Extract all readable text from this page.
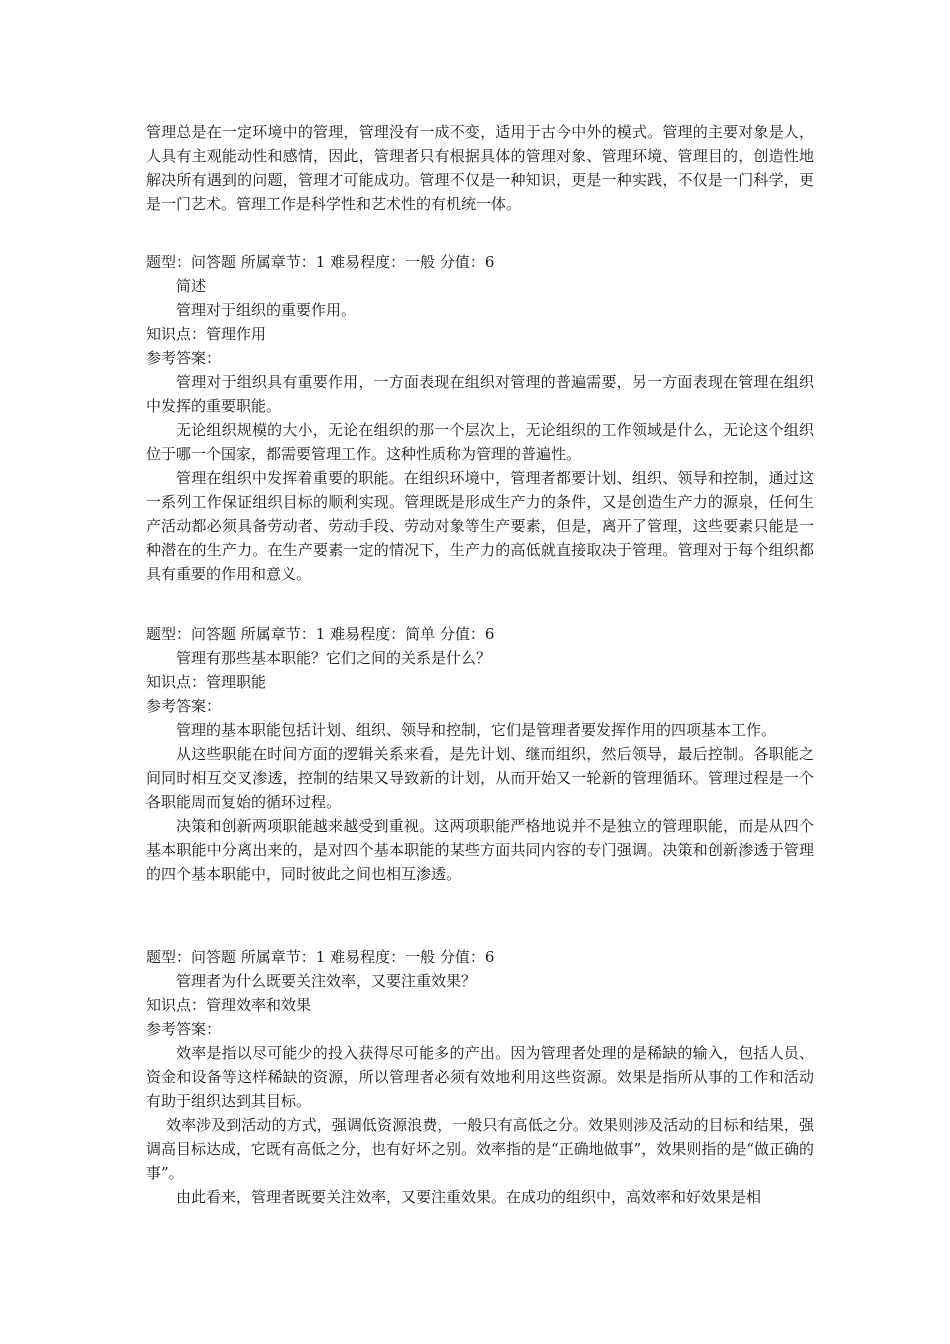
管理总是在一定环境中的管理，管理没有一成不变，适用于古今中外的模式。管理的主要对象是人，人具有主观能动性和感情，因此，管理者只有根据具体的管理对象、管理环境、管理目的，创造性地解决所有遇到的问题，管理才可能成功。管理不仅是一种知识，更是一种实践，不仅是一门科学，更是一门艺术。管理工作是科学性和艺术性的有机统一体。

题型：问答题 所属章节：1 难易程度：一般 分值：6

简述

管理对于组织的重要作用。

知识点：管理作用

参考答案：

管理对于组织具有重要作用，一方面表现在组织对管理的普遍需要，另一方面表现在管理在组织中发挥的重要职能。

无论组织规模的大小，无论在组织的那一个层次上，无论组织的工作领域是什么，无论这个组织位于哪一个国家，都需要管理工作。这种性质称为管理的普遍性。

管理在组织中发挥着重要的职能。在组织环境中，管理者都要计划、组织、领导和控制，通过这一系列工作保证组织目标的顺利实现。管理既是形成生产力的条件，又是创造生产力的源泉，任何生产活动都必须具备劳动者、劳动手段、劳动对象等生产要素，但是，离开了管理，这些要素只能是一种潜在的生产力。在生产要素一定的情况下，生产力的高低就直接取决于管理。管理对于每个组织都具有重要的作用和意义。

题型：问答题 所属章节：1 难易程度：简单 分值：6

管理有那些基本职能？它们之间的关系是什么？

知识点：管理职能

参考答案：

管理的基本职能包括计划、组织、领导和控制，它们是管理者要发挥作用的四项基本工作。

从这些职能在时间方面的逻辑关系来看，是先计划、继而组织，然后领导，最后控制。各职能之间同时相互交叉渗透，控制的结果又导致新的计划，从而开始又一轮新的管理循环。管理过程是一个各职能周而复始的循环过程。

决策和创新两项职能越来越受到重视。这两项职能严格地说并不是独立的管理职能，而是从四个基本职能中分离出来的，是对四个基本职能的某些方面共同内容的专门强调。决策和创新渗透于管理的四个基本职能中，同时彼此之间也相互渗透。

题型：问答题 所属章节：1 难易程度：一般 分值：6

管理者为什么既要关注效率，又要注重效果？

知识点：管理效率和效果

参考答案：

效率是指以尽可能少的投入获得尽可能多的产出。因为管理者处理的是稀缺的输入，包括人员、资金和设备等这样稀缺的资源，所以管理者必须有效地利用这些资源。效果是指所从事的工作和活动有助于组织达到其目标。

效率涉及到活动的方式，强调低资源浪费，一般只有高低之分。效果则涉及活动的目标和结果，强调高目标达成，它既有高低之分，也有好坏之别。效率指的是“正确地做事”，效果则指的是“做正确的事”。

由此看来，管理者既要关注效率，又要注重效果。在成功的组织中，高效率和好效果是相
